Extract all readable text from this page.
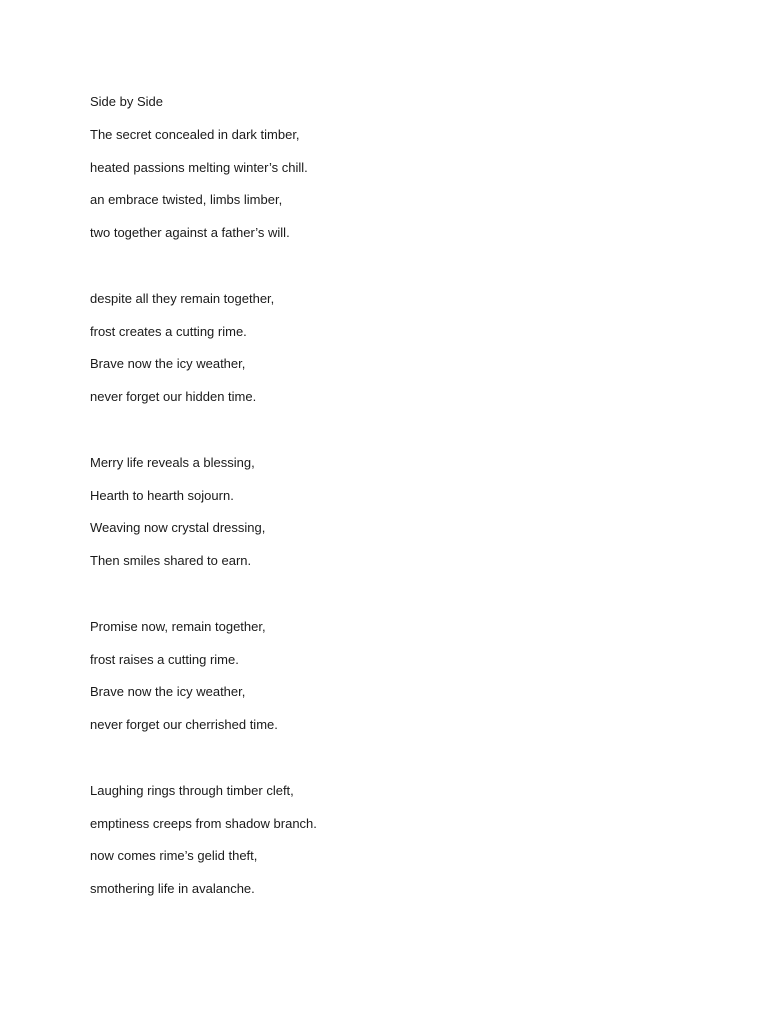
Side by Side
The secret concealed in dark timber,
heated passions melting winter’s chill.
an embrace twisted, limbs limber,
two together against a father’s will.
despite all they remain together,
frost creates a cutting rime.
Brave now the icy weather,
never forget our hidden time.
Merry life reveals a blessing,
Hearth to hearth sojourn.
Weaving now crystal dressing,
Then smiles shared to earn.
Promise now, remain together,
frost raises a cutting rime.
Brave now the icy weather,
never forget our cherrished time.
Laughing rings through timber cleft,
emptiness creeps from shadow branch.
now comes rime’s gelid theft,
smothering life in avalanche.
